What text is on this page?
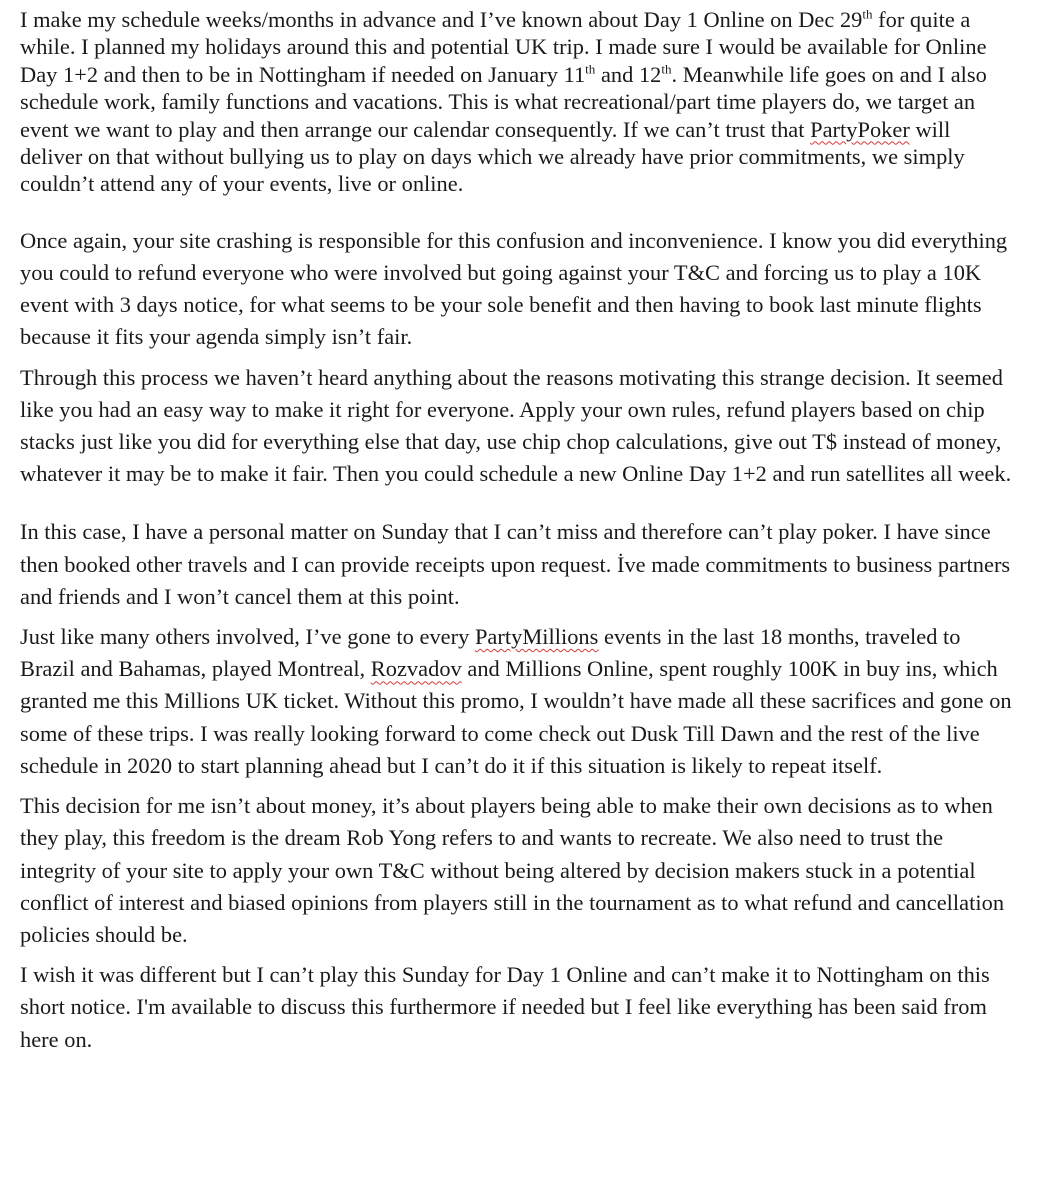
I make my schedule weeks/months in advance and I’ve known about Day 1 Online on Dec 29th for quite a while. I planned my holidays around this and potential UK trip. I made sure I would be available for Online Day 1+2 and then to be in Nottingham if needed on January 11th and 12th. Meanwhile life goes on and I also schedule work, family functions and vacations. This is what recreational/part time players do, we target an event we want to play and then arrange our calendar consequently. If we can’t trust that PartyPoker will deliver on that without bullying us to play on days which we already have prior commitments, we simply couldn’t attend any of your events, live or online.

Once again, your site crashing is responsible for this confusion and inconvenience. I know you did everything you could to refund everyone who were involved but going against your T&C and forcing us to play a 10K event with 3 days notice, for what seems to be your sole benefit and then having to book last minute flights because it fits your agenda simply isn’t fair.

Through this process we haven’t heard anything about the reasons motivating this strange decision. It seemed like you had an easy way to make it right for everyone. Apply your own rules, refund players based on chip stacks just like you did for everything else that day, use chip chop calculations, give out T$ instead of money, whatever it may be to make it fair. Then you could schedule a new Online Day 1+2 and run satellites all week.

In this case, I have a personal matter on Sunday that I can’t miss and therefore can’t play poker. I have since then booked other travels and I can provide receipts upon request. İve made commitments to business partners and friends and I won’t cancel them at this point.

Just like many others involved, I’ve gone to every PartyMillions events in the last 18 months, traveled to Brazil and Bahamas, played Montreal, Rozvadov and Millions Online, spent roughly 100K in buy ins, which granted me this Millions UK ticket. Without this promo, I wouldn’t have made all these sacrifices and gone on some of these trips. I was really looking forward to come check out Dusk Till Dawn and the rest of the live schedule in 2020 to start planning ahead but I can’t do it if this situation is likely to repeat itself.

This decision for me isn’t about money, it’s about players being able to make their own decisions as to when they play, this freedom is the dream Rob Yong refers to and wants to recreate. We also need to trust the integrity of your site to apply your own T&C without being altered by decision makers stuck in a potential conflict of interest and biased opinions from players still in the tournament as to what refund and cancellation policies should be.

I wish it was different but I can’t play this Sunday for Day 1 Online and can’t make it to Nottingham on this short notice. I'm available to discuss this furthermore if needed but I feel like everything has been said from here on.
